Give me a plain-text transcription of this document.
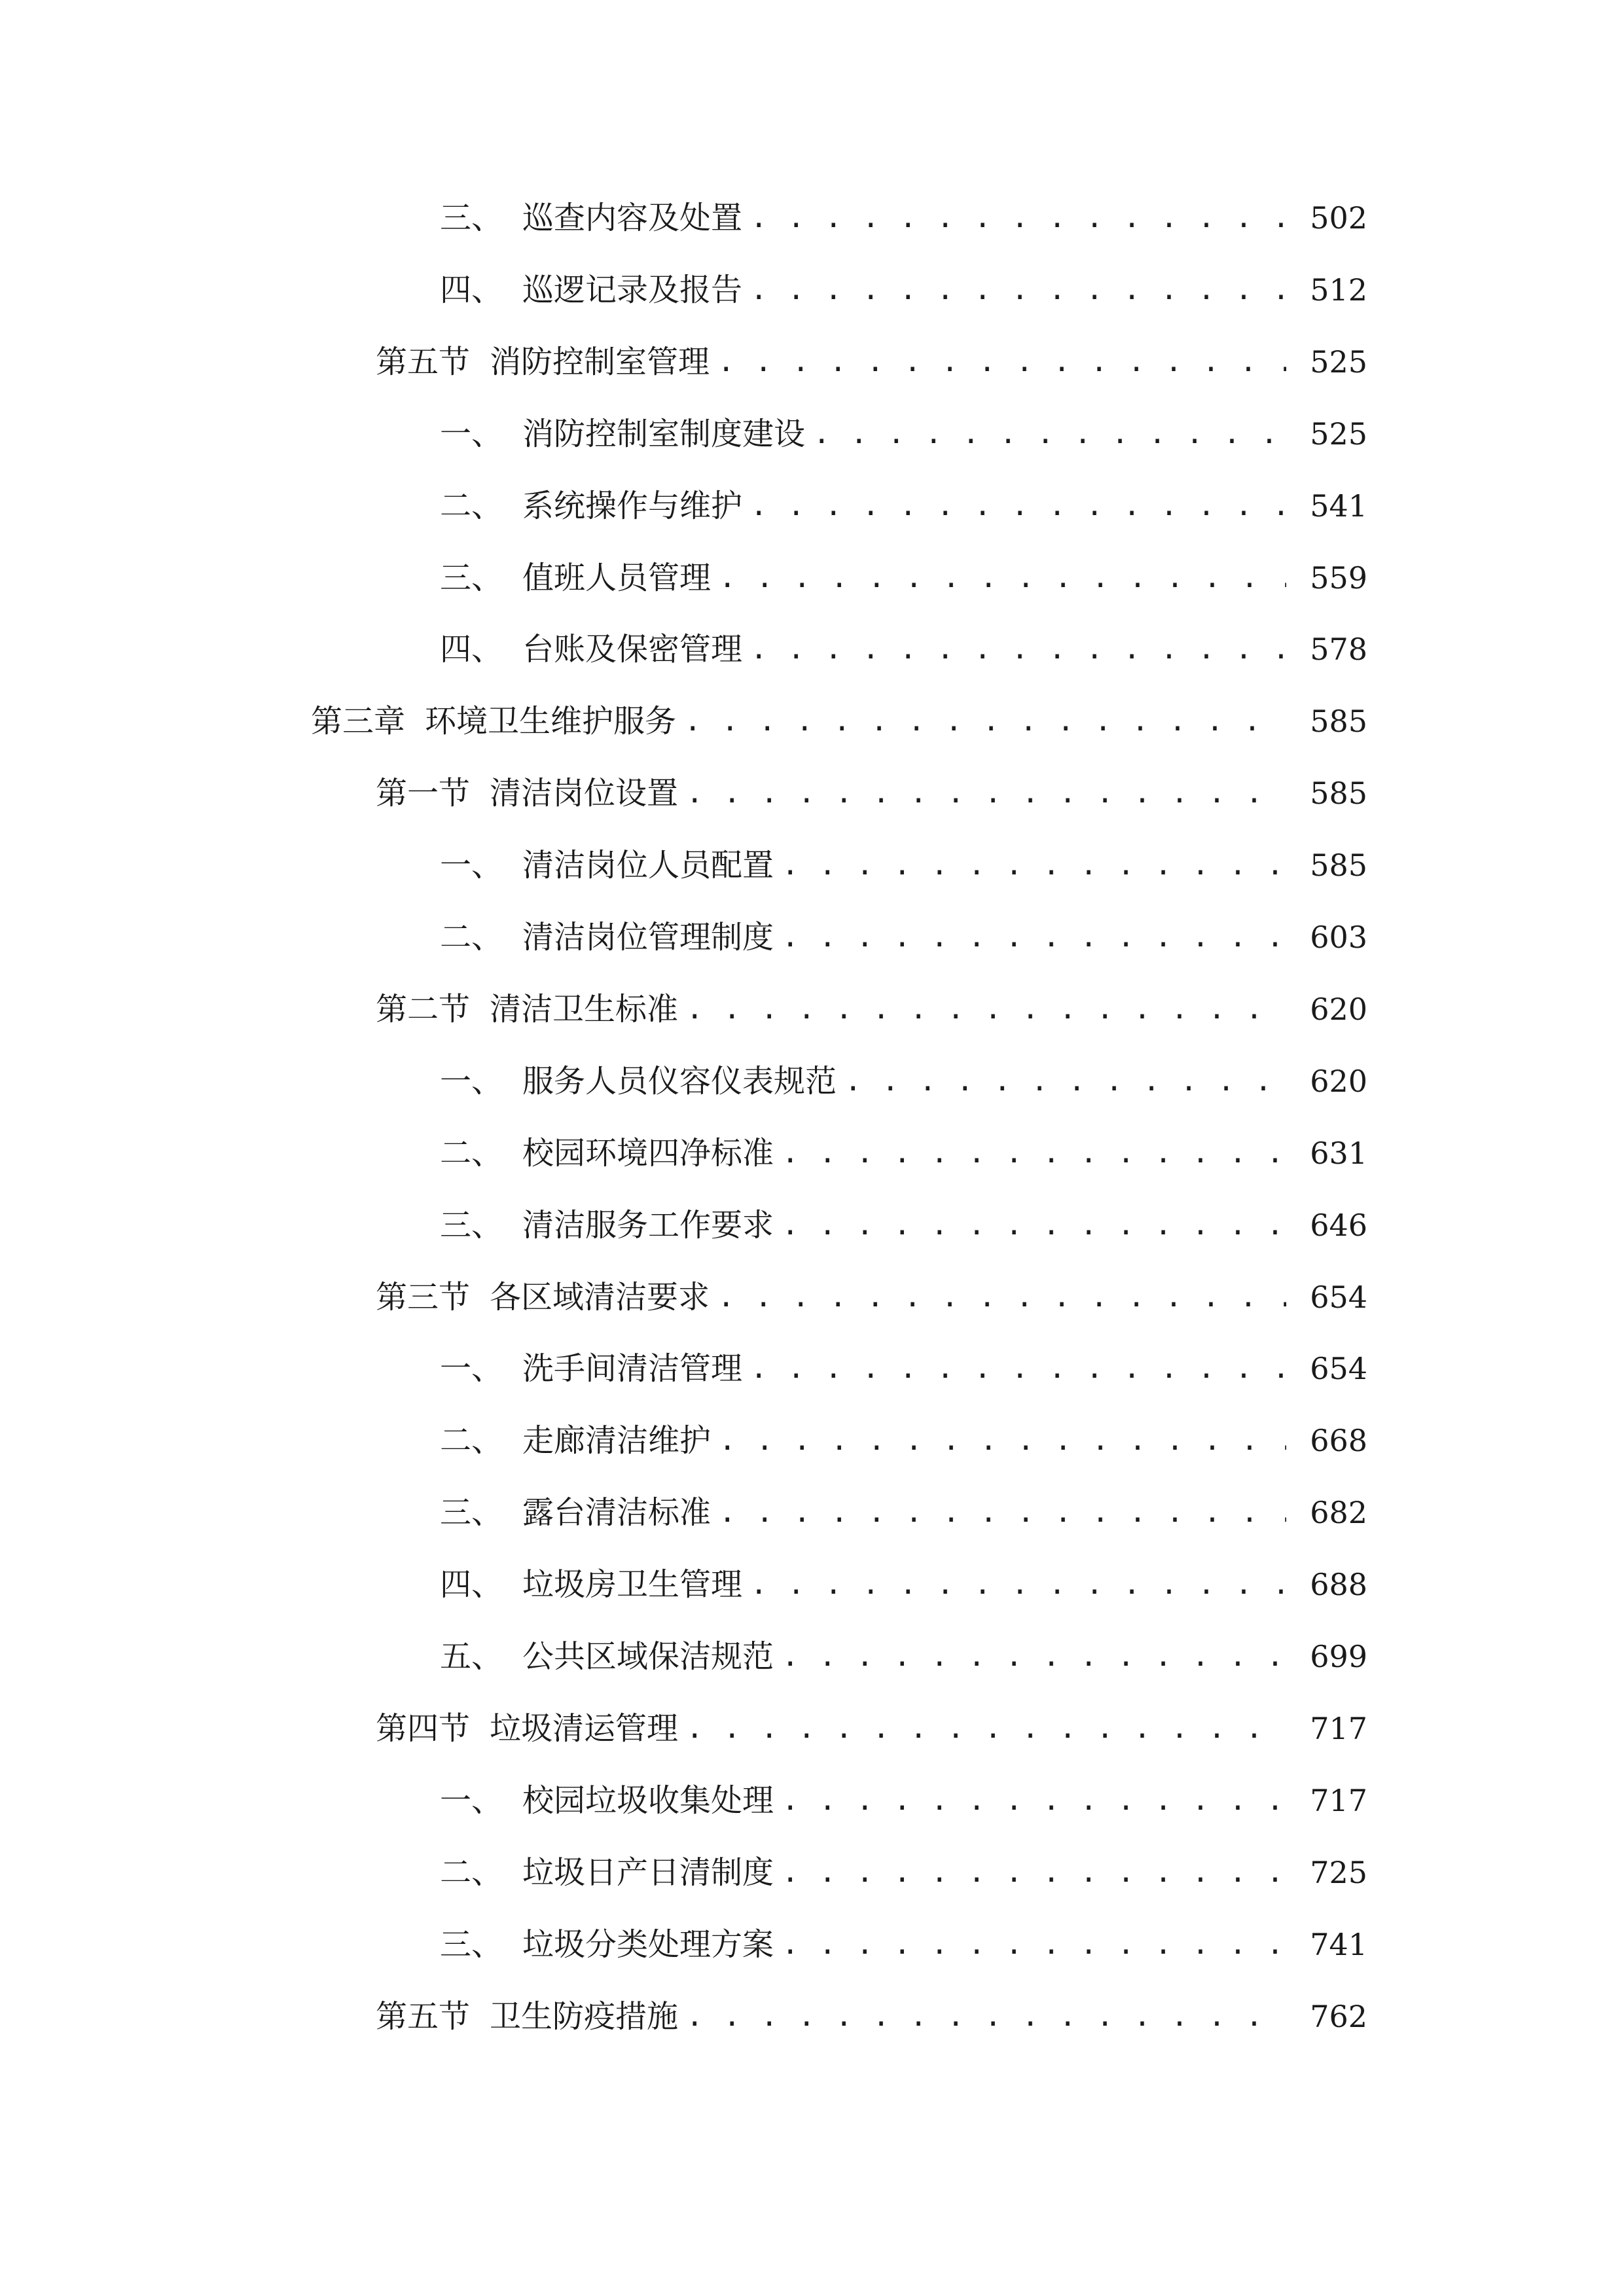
三、 巡查内容及处置 . . .	502
四、 巡逻记录及报告 . . .	512
第五节 消防控制室管理 . . .	525
一、 消防控制室制度建设 . . .	525
二、 系统操作与维护 . . .	541
三、 值班人员管理 . . .	559
四、 台账及保密管理 . . .	578
第三章 环境卫生维护服务 . . .	585
第一节 清洁岗位设置 . . .	585
一、 清洁岗位人员配置 . . .	585
二、 清洁岗位管理制度 . . .	603
第二节 清洁卫生标准 . . .	620
一、 服务人员仪容仪表规范 . . .	620
二、 校园环境四净标准 . . .	631
三、 清洁服务工作要求 . . .	646
第三节 各区域清洁要求 . . .	654
一、 洗手间清洁管理 . . .	654
二、 走廊清洁维护 . . .	668
三、 露台清洁标准 . . .	682
四、 垃圾房卫生管理 . . .	688
五、 公共区域保洁规范 . . .	699
第四节 垃圾清运管理 . . .	717
一、 校园垃圾收集处理 . . .	717
二、 垃圾日产日清制度 . . .	725
三、 垃圾分类处理方案 . . .	741
第五节 卫生防疫措施 . . .	762
